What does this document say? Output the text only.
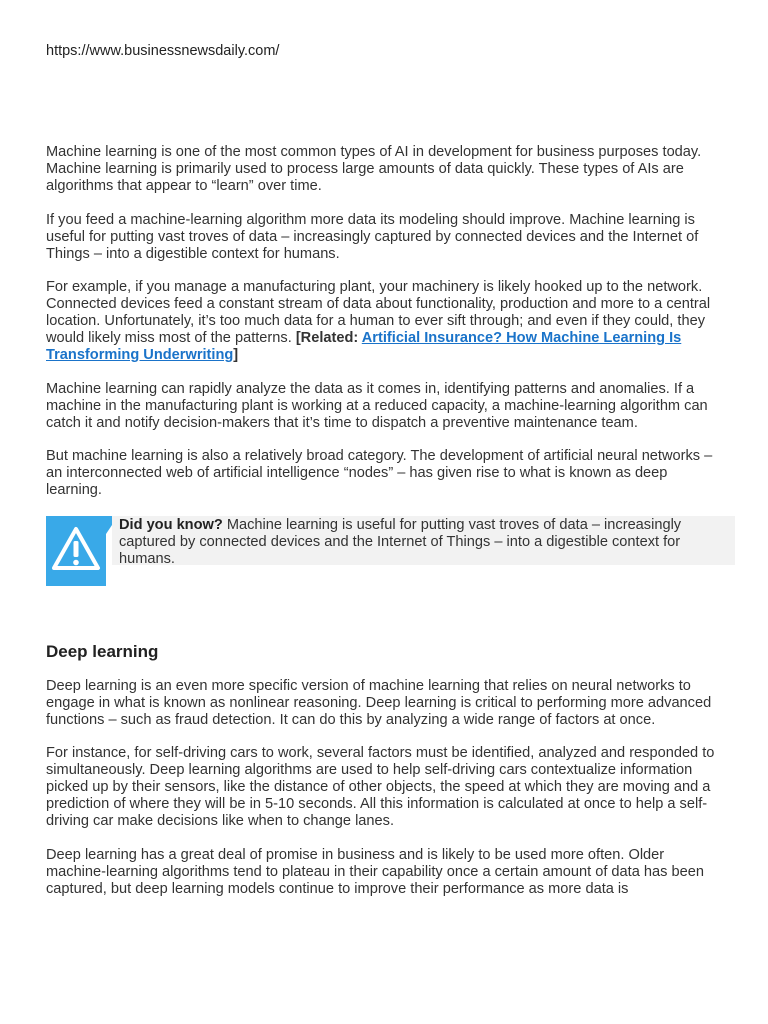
https://www.businessnewsdaily.com/

Machine learning is one of the most common types of AI in development for business purposes today. Machine learning is primarily used to process large amounts of data quickly. These types of AIs are algorithms that appear to “learn” over time.

If you feed a machine-learning algorithm more data its modeling should improve. Machine learning is useful for putting vast troves of data – increasingly captured by connected devices and the Internet of Things – into a digestible context for humans.

For example, if you manage a manufacturing plant, your machinery is likely hooked up to the network. Connected devices feed a constant stream of data about functionality, production and more to a central location. Unfortunately, it’s too much data for a human to ever sift through; and even if they could, they would likely miss most of the patterns. [Related: Artificial Insurance? How Machine Learning Is Transforming Underwriting]

Machine learning can rapidly analyze the data as it comes in, identifying patterns and anomalies. If a machine in the manufacturing plant is working at a reduced capacity, a machine-learning algorithm can catch it and notify decision-makers that it’s time to dispatch a preventive maintenance team.

But machine learning is also a relatively broad category. The development of artificial neural networks – an interconnected web of artificial intelligence “nodes” – has given rise to what is known as deep learning.

Did you know? Machine learning is useful for putting vast troves of data – increasingly captured by connected devices and the Internet of Things – into a digestible context for humans.
Deep learning

Deep learning is an even more specific version of machine learning that relies on neural networks to engage in what is known as nonlinear reasoning. Deep learning is critical to performing more advanced functions – such as fraud detection. It can do this by analyzing a wide range of factors at once.

For instance, for self-driving cars to work, several factors must be identified, analyzed and responded to simultaneously. Deep learning algorithms are used to help self-driving cars contextualize information picked up by their sensors, like the distance of other objects, the speed at which they are moving and a prediction of where they will be in 5-10 seconds. All this information is calculated at once to help a self-driving car make decisions like when to change lanes.

Deep learning has a great deal of promise in business and is likely to be used more often. Older machine-learning algorithms tend to plateau in their capability once a certain amount of data has been captured, but deep learning models continue to improve their performance as more data is
